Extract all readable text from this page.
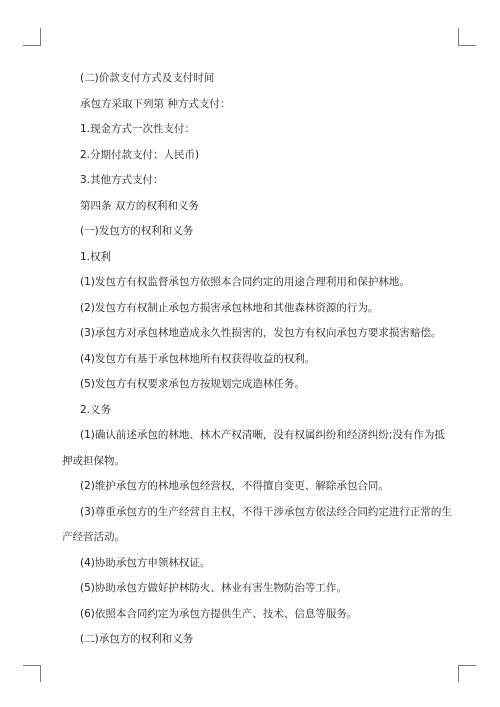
(二)价款支付方式及支付时间

承包方采取下列第 种方式支付：

1.现金方式一次性支付：

2.分期付款支付：人民币)

3.其他方式支付：

第四条 双方的权利和义务

(一)发包方的权利和义务

1.权利

(1)发包方有权监督承包方依照本合同约定的用途合理利用和保护林地。

(2)发包方有权制止承包方损害承包林地和其他森林资源的行为。

(3)承包方对承包林地造成永久性损害的，发包方有权向承包方要求损害赔偿。

(4)发包方有基于承包林地所有权获得收益的权利。

(5)发包方有权要求承包方按规划完成造林任务。

2.义务

(1)确认前述承包的林地、林木产权清晰，没有权属纠纷和经济纠纷;没有作为抵押或担保物。

(2)维护承包方的林地承包经营权，不得擅自变更、解除承包合同。

(3)尊重承包方的生产经营自主权，不得干涉承包方依法经合同约定进行正常的生产经营活动。

(4)协助承包方申领林权证。

(5)协助承包方做好护林防火、林业有害生物防治等工作。

(6)依照本合同约定为承包方提供生产、技术、信息等服务。

(二)承包方的权利和义务
